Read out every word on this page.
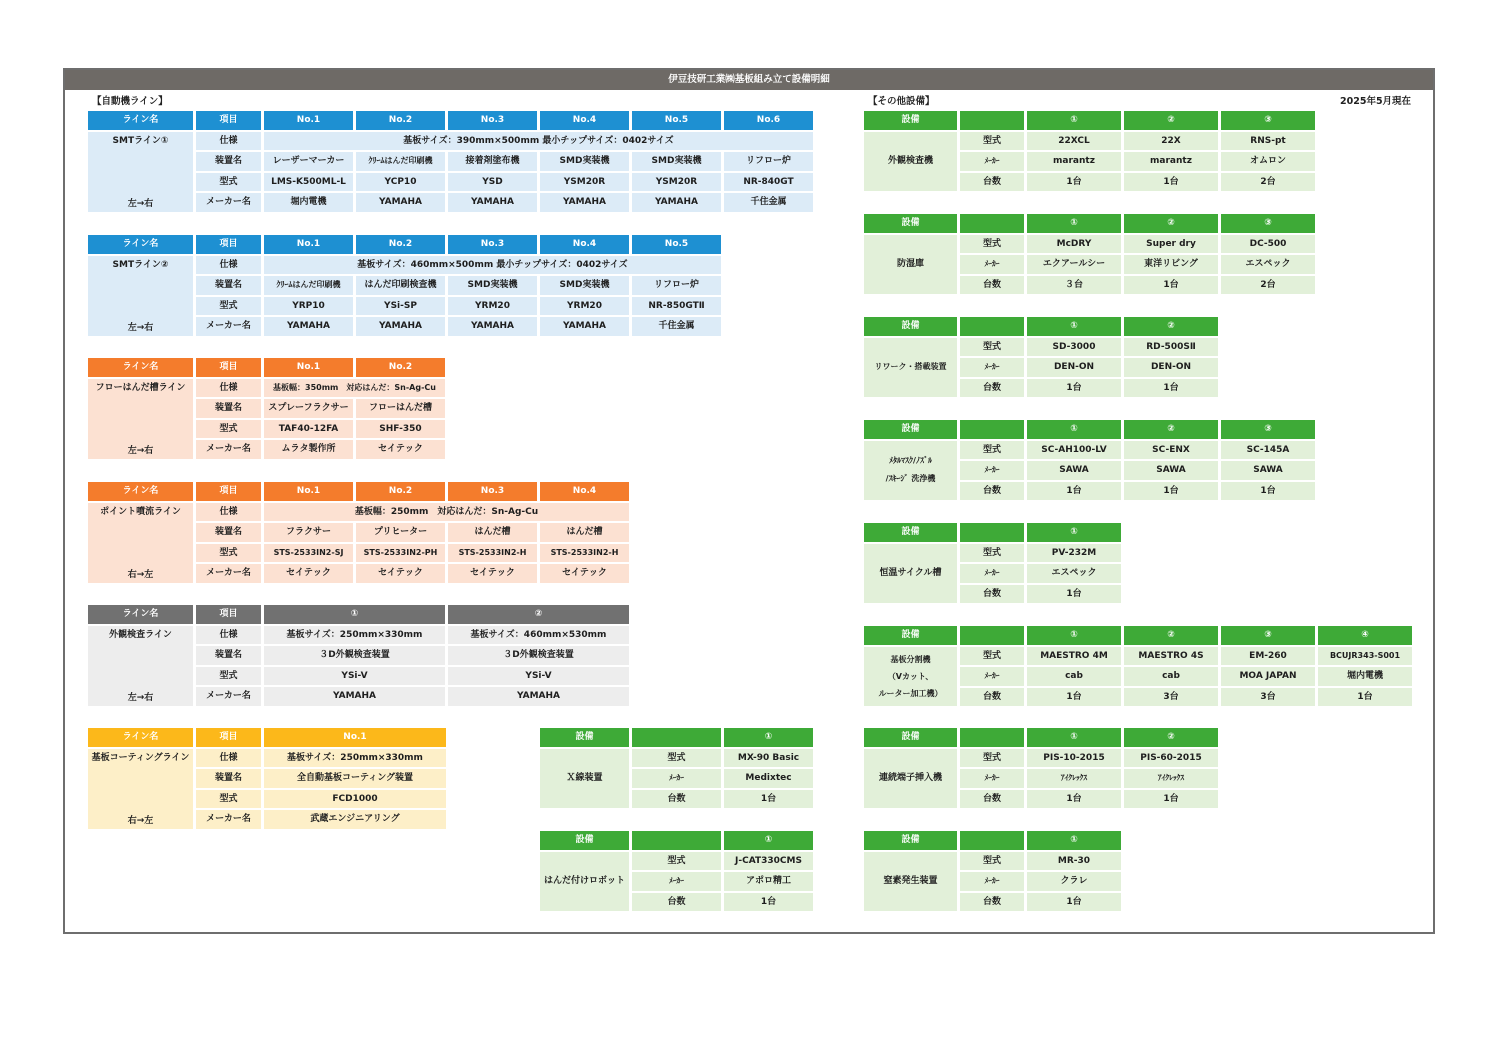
伊豆技研工業㈱基板組み立て設備明細
【自動機ライン】	【その他設備】	2025年5月現在
ライン名	項目	No.1	No.2	No.3	No.4	No.5	No.6
SMTライン①
左→右
仕様	基板サイズ：390mm×500mm 最小チップサイズ：0402サイズ
装置名	レーザーマーカー	ｸﾘｰﾑはんだ印刷機	接着剤塗布機	SMD実装機	SMD実装機	リフロー炉
型式	LMS-K500ML-L	YCP10	YSD	YSM20R	YSM20R	NR-840GT
メーカー名	堀内電機	YAMAHA	YAMAHA	YAMAHA	YAMAHA	千住金属
ライン名	項目	No.1	No.2	No.3	No.4	No.5
SMTライン②
左→右
仕様	基板サイズ：460mm×500mm 最小チップサイズ：0402サイズ
装置名	ｸﾘｰﾑはんだ印刷機	はんだ印刷検査機	SMD実装機	SMD実装機	リフロー炉
型式	YRP10	YSi-SP	YRM20	YRM20	NR-850GTⅡ
メーカー名	YAMAHA	YAMAHA	YAMAHA	YAMAHA	千住金属
ライン名	項目	No.1	No.2
フローはんだ槽ライン
左→右
仕様	基板幅：350mm　対応はんだ：Sn-Ag-Cu
装置名	スプレーフラクサー	フローはんだ槽
型式	TAF40-12FA	SHF-350
メーカー名	ムラタ製作所	セイテック
ライン名	項目	No.1	No.2	No.3	No.4
ポイント噴流ライン
右→左
仕様	基板幅：250mm　対応はんだ：Sn-Ag-Cu
装置名	フラクサー	プリヒーター	はんだ槽	はんだ槽
型式	STS-2533IN2-SJ	STS-2533IN2-PH	STS-2533IN2-H	STS-2533IN2-H
メーカー名	セイテック	セイテック	セイテック	セイテック
ライン名	項目	①	②
外観検査ライン
左→右
仕様	基板サイズ：250mm×330mm	基板サイズ：460mm×530mm
装置名	３D外観検査装置	３D外観検査装置
型式	YSi-V	YSi-V
メーカー名	YAMAHA	YAMAHA
ライン名	項目	No.1
基板コーティングライン
右→左
仕様	基板サイズ：250mm×330mm
装置名	全自動基板コーティング装置
型式	FCD1000
メーカー名	武蔵エンジニアリング
設備	①
Ｘ線装置
型式	MX-90 Basic
ﾒｰｶｰ	Medixtec
台数	1台
設備	①
はんだ付けロボット
型式	J-CAT330CMS
ﾒｰｶｰ	アポロ精工
台数	1台
設備	①	②	③
外観検査機
型式	22XCL	22X	RNS-pt
ﾒｰｶｰ	marantz	marantz	オムロン
台数	1台	1台	2台
設備	①	②	③
防湿庫
型式	McDRY	Super dry	DC-500
ﾒｰｶｰ	エクアールシー	東洋リビング	エスペック
台数	３台	1台	2台
設備	①	②
リワーク・搭載装置
型式	SD-3000	RD-500SⅡ
ﾒｰｶｰ	DEN-ON	DEN-ON
台数	1台	1台
設備	①	②	③
ﾒﾀﾙﾏｽｸ/ﾉｽﾞﾙ
/ｽｷｰｼﾞ 洗浄機
型式	SC-AH100-LV	SC-ENX	SC-145A
ﾒｰｶｰ	SAWA	SAWA	SAWA
台数	1台	1台	1台
設備	①
恒温サイクル槽
型式	PV-232M
ﾒｰｶｰ	エスペック
台数	1台
設備	①	②	③	④
基板分割機
（Vカット、
ルーター加工機）
型式	MAESTRO 4M	MAESTRO 4S	EM-260	BCUJR343-S001
ﾒｰｶｰ	cab	cab	MOA JAPAN	堀内電機
台数	1台	3台	3台	1台
設備	①	②
連続端子挿入機
型式	PIS-10-2015	PIS-60-2015
ﾒｰｶｰ	ｱｲｸﾚｯｸｽ	ｱｲｸﾚｯｸｽ
台数	1台	1台
設備	①
窒素発生装置
型式	MR-30
ﾒｰｶｰ	クラレ
台数	1台
